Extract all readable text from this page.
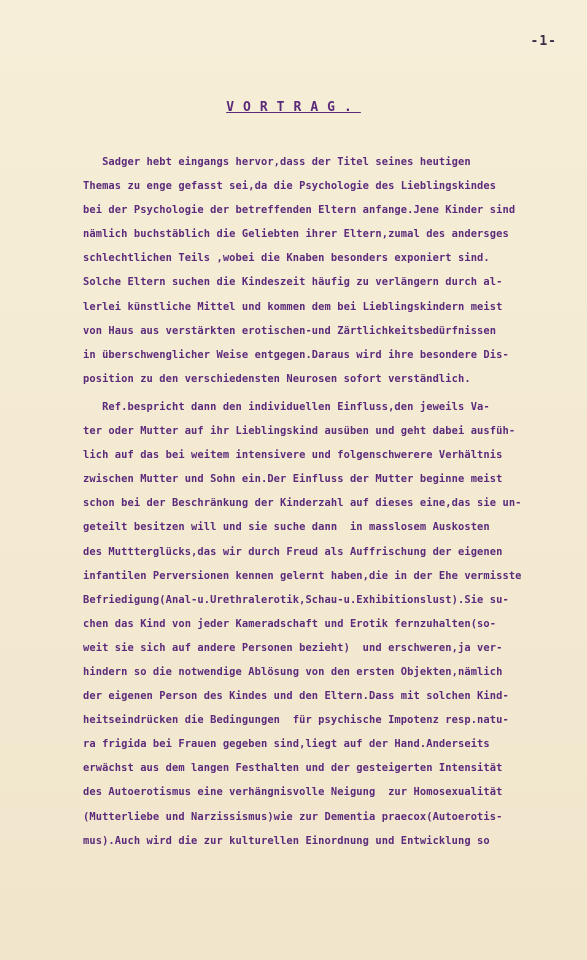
-1-
VORTRAG.
Sadger hebt eingangs hervor,dass der Titel seines heutigen
Themas zu enge gefasst sei,da die Psychologie des Lieblingskindes
bei der Psychologie der betreffenden Eltern anfange.Jene Kinder sind
nämlich buchstäblich die Geliebten ihrer Eltern,zumal des andersges
schlechtlichen Teils ,wobei die Knaben besonders exponiert sind.
Solche Eltern suchen die Kindeszeit häufig zu verlängern durch al-
lerlei künstliche Mittel und kommen dem bei Lieblingskindern meist
von Haus aus verstärkten erotischen-und Zärtlichkeitsbedürfnissen
in überschwenglicher Weise entgegen.Daraus wird ihre besondere Dis-
position zu den verschiedensten Neurosen sofort verständlich.
Ref.bespricht dann den individuellen Einfluss,den jeweils Va-
ter oder Mutter auf ihr Lieblingskind ausüben und geht dabei ausfüh-
lich auf das bei weitem intensivere und folgenschwerere Verhältnis
zwischen Mutter und Sohn ein.Der Einfluss der Mutter beginne meist
schon bei der Beschränkung der Kinderzahl auf dieses eine,das sie un-
geteilt besitzen will und sie suche dann  in masslosem Auskosten
des Muttterglücks,das wir durch Freud als Auffrischung der eigenen
infantilen Perversionen kennen gelernt haben,die in der Ehe vermisste
Befriedigung(Anal-u.Urethralerotik,Schau-u.Exhibitionslust).Sie su-
chen das Kind von jeder Kameradschaft und Erotik fernzuhalten(so-
weit sie sich auf andere Personen bezieht)  und erschweren,ja ver-
hindern so die notwendige Ablösung von den ersten Objekten,nämlich
der eigenen Person des Kindes und den Eltern.Dass mit solchen Kind-
heitseindrücken die Bedingungen  für psychische Impotenz resp.natu-
ra frigida bei Frauen gegeben sind,liegt auf der Hand.Anderseits
erwächst aus dem langen Festhalten und der gesteigerten Intensität
des Autoerotismus eine verhängnisvolle Neigung  zur Homosexualität
(Mutterliebe und Narzissismus)wie zur Dementia praecox(Autoerotis-
mus).Auch wird die zur kulturellen Einordnung und Entwicklung so
